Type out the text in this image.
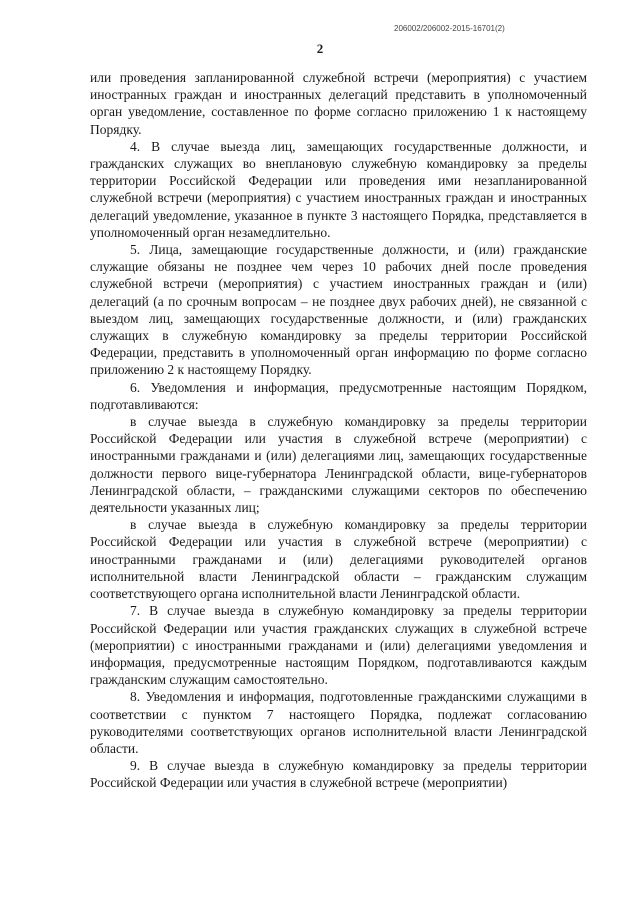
206002/206002-2015-16701(2)
2

или проведения запланированной служебной встречи (мероприятия) с участием иностранных граждан и иностранных делегаций представить в уполномоченный орган уведомление, составленное по форме согласно приложению 1 к настоящему Порядку.

4. В случае выезда лиц, замещающих государственные должности, и гражданских служащих во внеплановую служебную командировку за пределы территории Российской Федерации или проведения ими незапланированной служебной встречи (мероприятия) с участием иностранных граждан и иностранных делегаций уведомление, указанное в пункте 3 настоящего Порядка, представляется в уполномоченный орган незамедлительно.

5. Лица, замещающие государственные должности, и (или) гражданские служащие обязаны не позднее чем через 10 рабочих дней после проведения служебной встречи (мероприятия) с участием иностранных граждан и (или) делегаций (а по срочным вопросам – не позднее двух рабочих дней), не связанной с выездом лиц, замещающих государственные должности, и (или) гражданских служащих в служебную командировку за пределы территории Российской Федерации, представить в уполномоченный орган информацию по форме согласно приложению 2 к настоящему Порядку.

6. Уведомления и информация, предусмотренные настоящим Порядком, подготавливаются:

в случае выезда в служебную командировку за пределы территории Российской Федерации или участия в служебной встрече (мероприятии) с иностранными гражданами и (или) делегациями лиц, замещающих государственные должности первого вице-губернатора Ленинградской области, вице-губернаторов Ленинградской области, – гражданскими служащими секторов по обеспечению деятельности указанных лиц;

в случае выезда в служебную командировку за пределы территории Российской Федерации или участия в служебной встрече (мероприятии) с иностранными гражданами и (или) делегациями руководителей органов исполнительной власти Ленинградской области – гражданским служащим соответствующего органа исполнительной власти Ленинградской области.

7. В случае выезда в служебную командировку за пределы территории Российской Федерации или участия гражданских служащих в служебной встрече (мероприятии) с иностранными гражданами и (или) делегациями уведомления и информация, предусмотренные настоящим Порядком, подготавливаются каждым гражданским служащим самостоятельно.

8. Уведомления и информация, подготовленные гражданскими служащими в соответствии с пунктом 7 настоящего Порядка, подлежат согласованию руководителями соответствующих органов исполнительной власти Ленинградской области.

9. В случае выезда в служебную командировку за пределы территории Российской Федерации или участия в служебной встрече (мероприятии)
